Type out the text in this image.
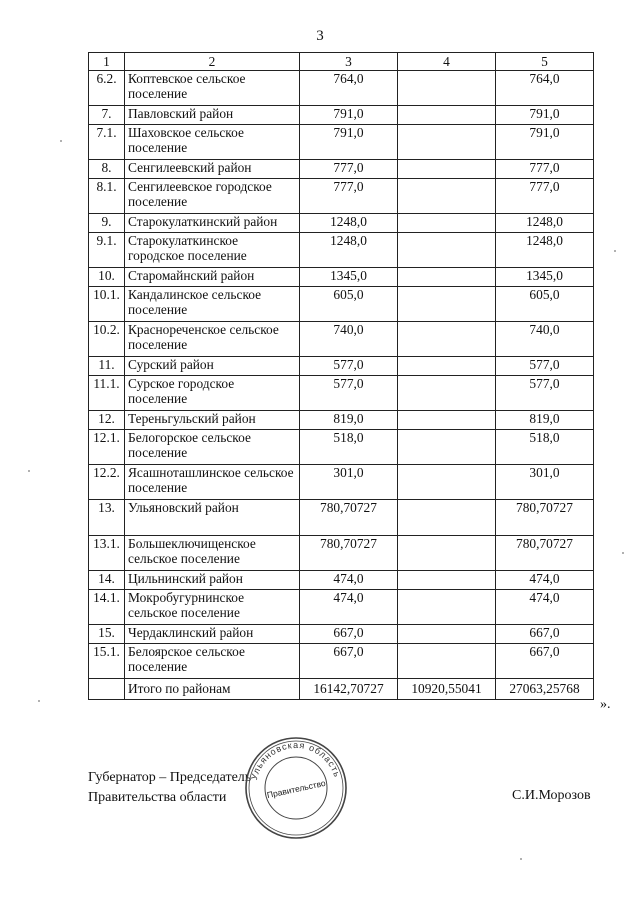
3
1	2	3	4	5
6.2.	Коптевское сельское поселение	764,0		764,0
7.	Павловский район	791,0		791,0
7.1.	Шаховское сельское поселение	791,0		791,0
8.	Сенгилеевский район	777,0		777,0
8.1.	Сенгилеевское городское поселение	777,0		777,0
9.	Старокулаткинский район	1248,0		1248,0
9.1.	Старокулаткинское городское поселение	1248,0		1248,0
10.	Старомайнский район	1345,0		1345,0
10.1.	Кандалинское сельское поселение	605,0		605,0
10.2.	Краснореченское сельское поселение	740,0		740,0
11.	Сурский район	577,0		577,0
11.1.	Сурское городское поселение	577,0		577,0
12.	Тереньгульский район	819,0		819,0
12.1.	Белогорское сельское поселение	518,0		518,0
12.2.	Ясашноташлинское сельское поселение	301,0		301,0
13.	Ульяновский район	780,70727		780,70727
13.1.	Большеключищенское сельское поселение	780,70727		780,70727
14.	Цильнинский район	474,0		474,0
14.1.	Мокробугурнинское сельское поселение	474,0		474,0
15.	Чердаклинский район	667,0		667,0
15.1.	Белоярское сельское поселение	667,0		667,0
	Итого по районам	16142,70727	10920,55041	27063,25768
».
Губернатор – Председатель
Правительства области	С.И.Морозов
Ульяновская область
Правительство
